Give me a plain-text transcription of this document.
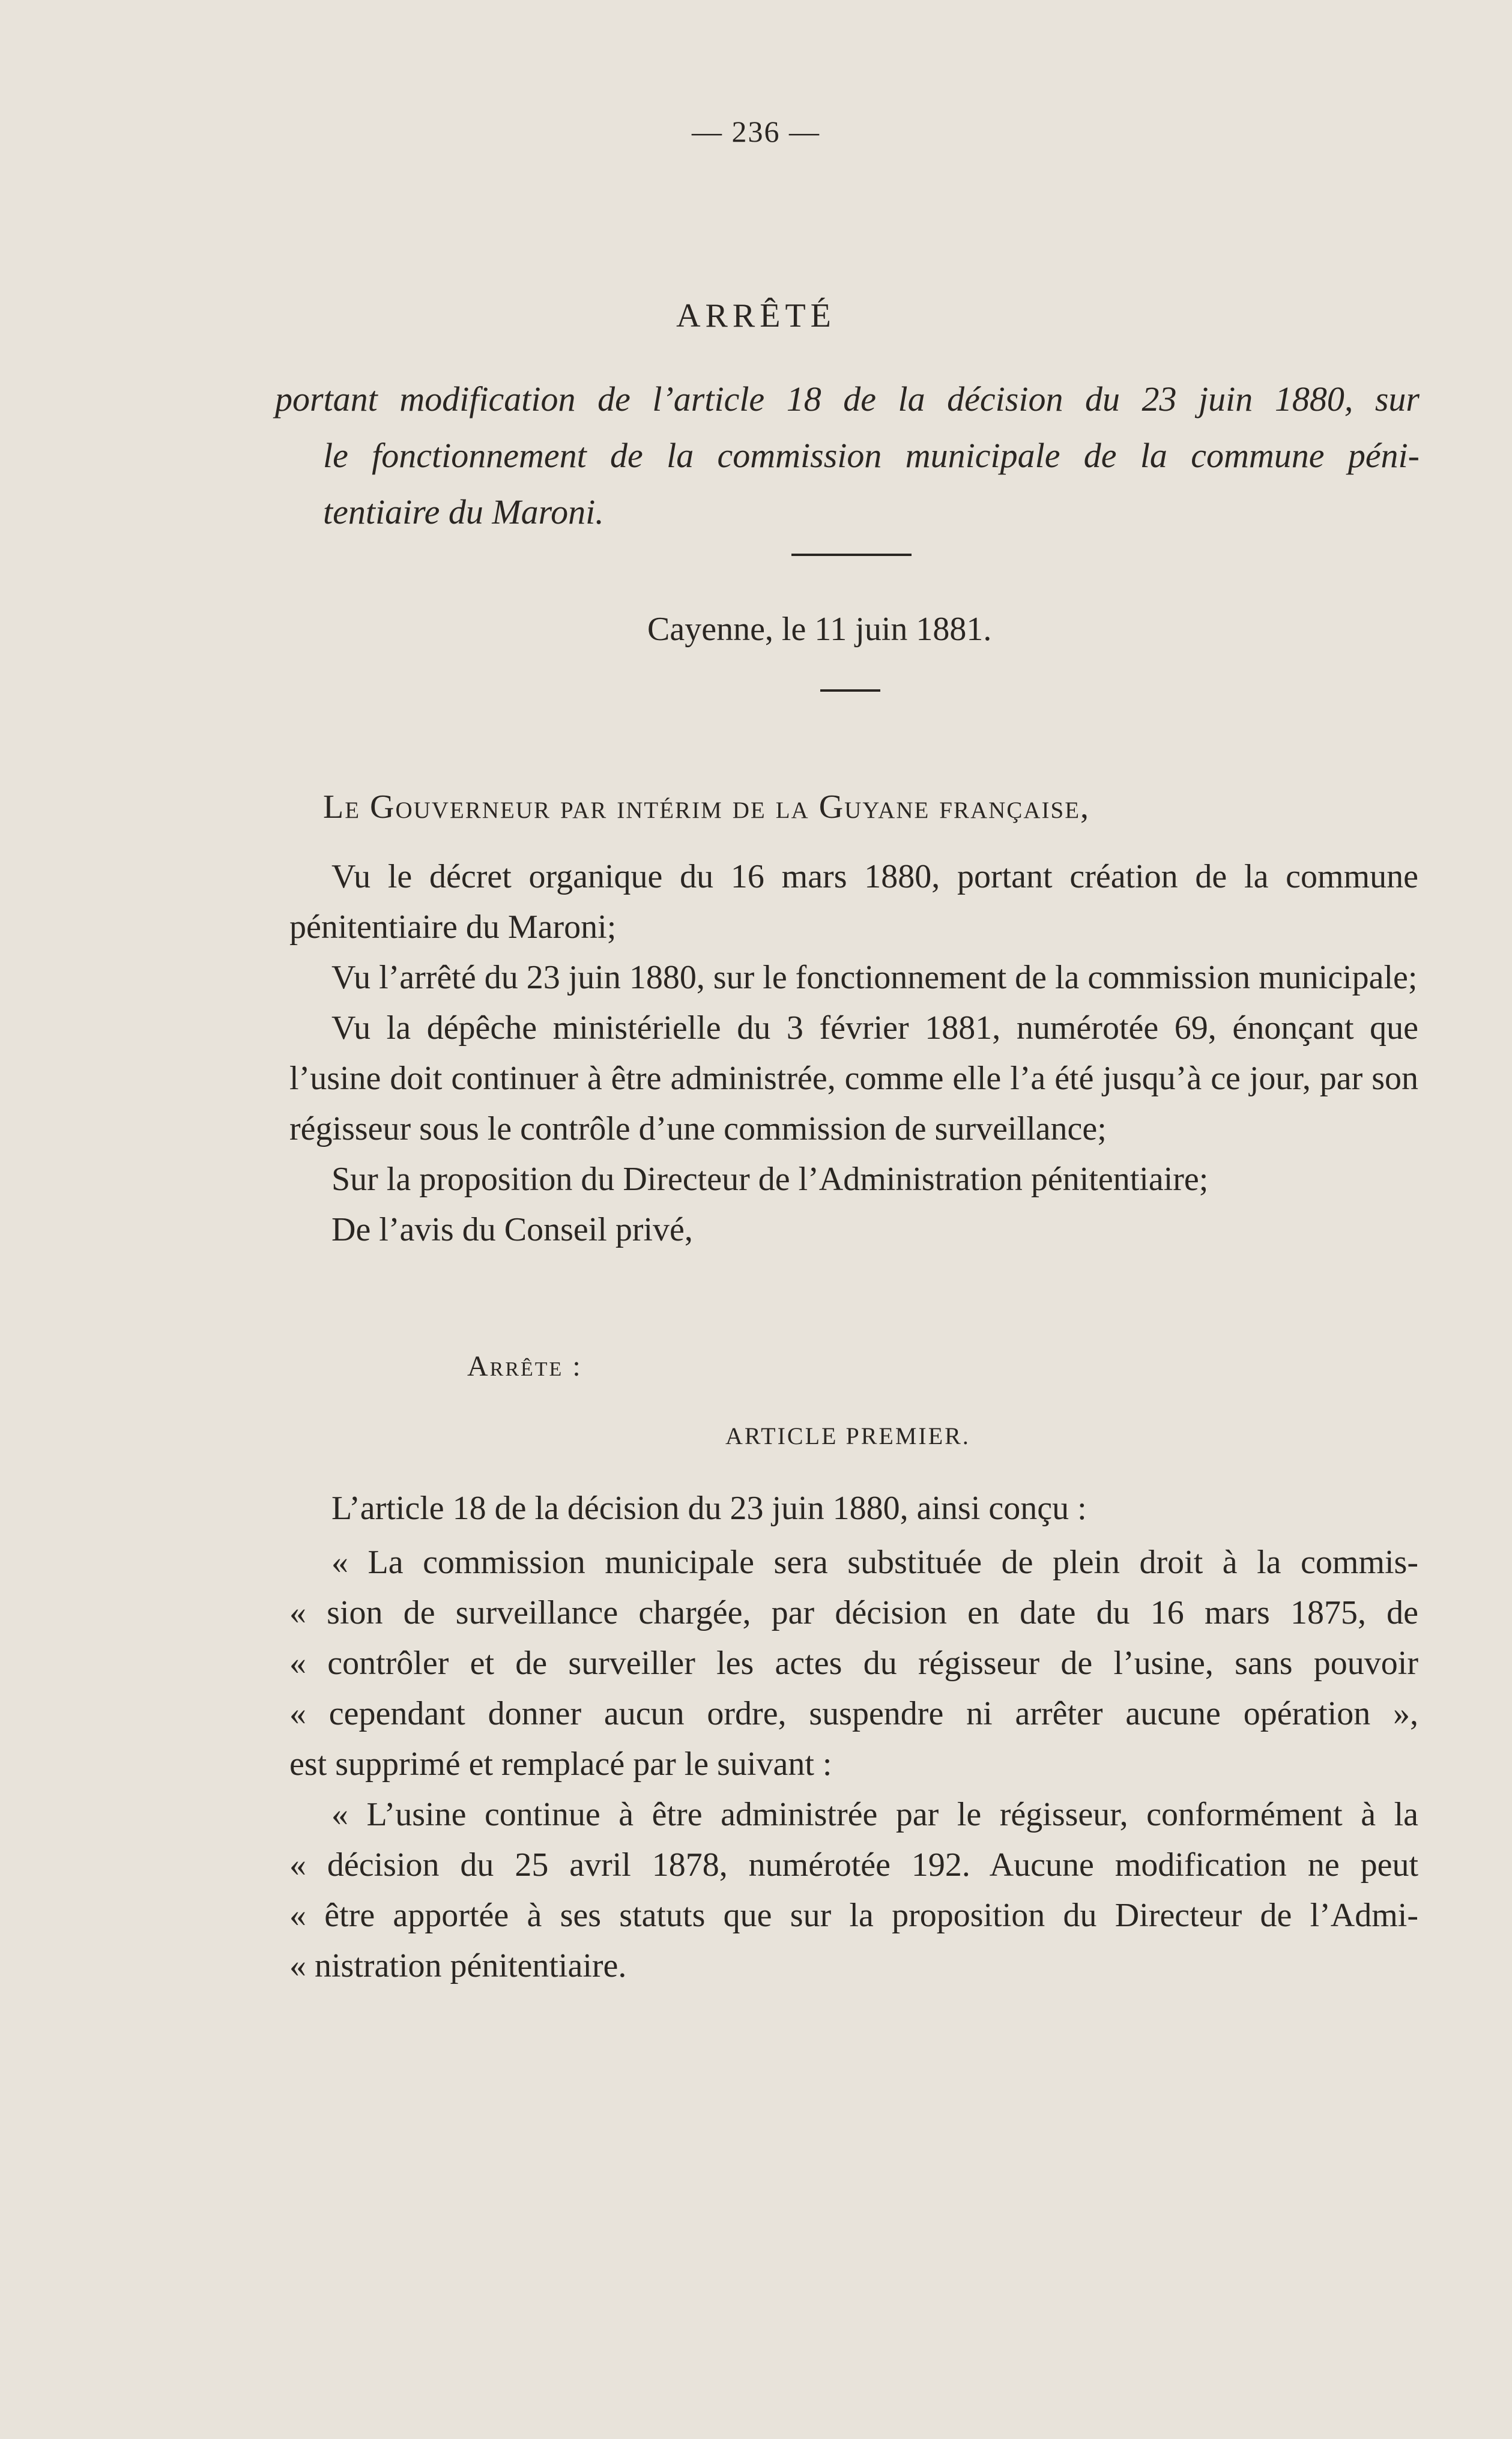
— 236 —
ARRÊTÉ
portant modification de l’article 18 de la décision du 23 juin 1880, sur
le fonctionnement de la commission municipale de la commune péni-
tentiaire du Maroni.
Cayenne, le 11 juin 1881.
Le Gouverneur par intérim de la Guyane française,

Vu le décret organique du 16 mars 1880, portant création de la commune pénitentiaire du Maroni;

Vu l’arrêté du 23 juin 1880, sur le fonctionnement de la commission municipale;

Vu la dépêche ministérielle du 3 février 1881, numérotée 69, énonçant que l’usine doit continuer à être administrée, comme elle l’a été jusqu’à ce jour, par son régisseur sous le contrôle d’une commission de surveillance;

Sur la proposition du Directeur de l’Administration pénitentiaire;

De l’avis du Conseil privé,

Arrête :
ARTICLE PREMIER.

L’article 18 de la décision du 23 juin 1880, ainsi conçu :

« La commission municipale sera substituée de plein droit à la commis-

« sion de surveillance chargée, par décision en date du 16 mars 1875, de

« contrôler et de surveiller les actes du régisseur de l’usine, sans pouvoir

« cependant donner aucun ordre, suspendre ni arrêter aucune opération »,

est supprimé et remplacé par le suivant :

« L’usine continue à être administrée par le régisseur, conformément à la

« décision du 25 avril 1878, numérotée 192. Aucune modification ne peut

« être apportée à ses statuts que sur la proposition du Directeur de l’Admi-

« nistration pénitentiaire.
